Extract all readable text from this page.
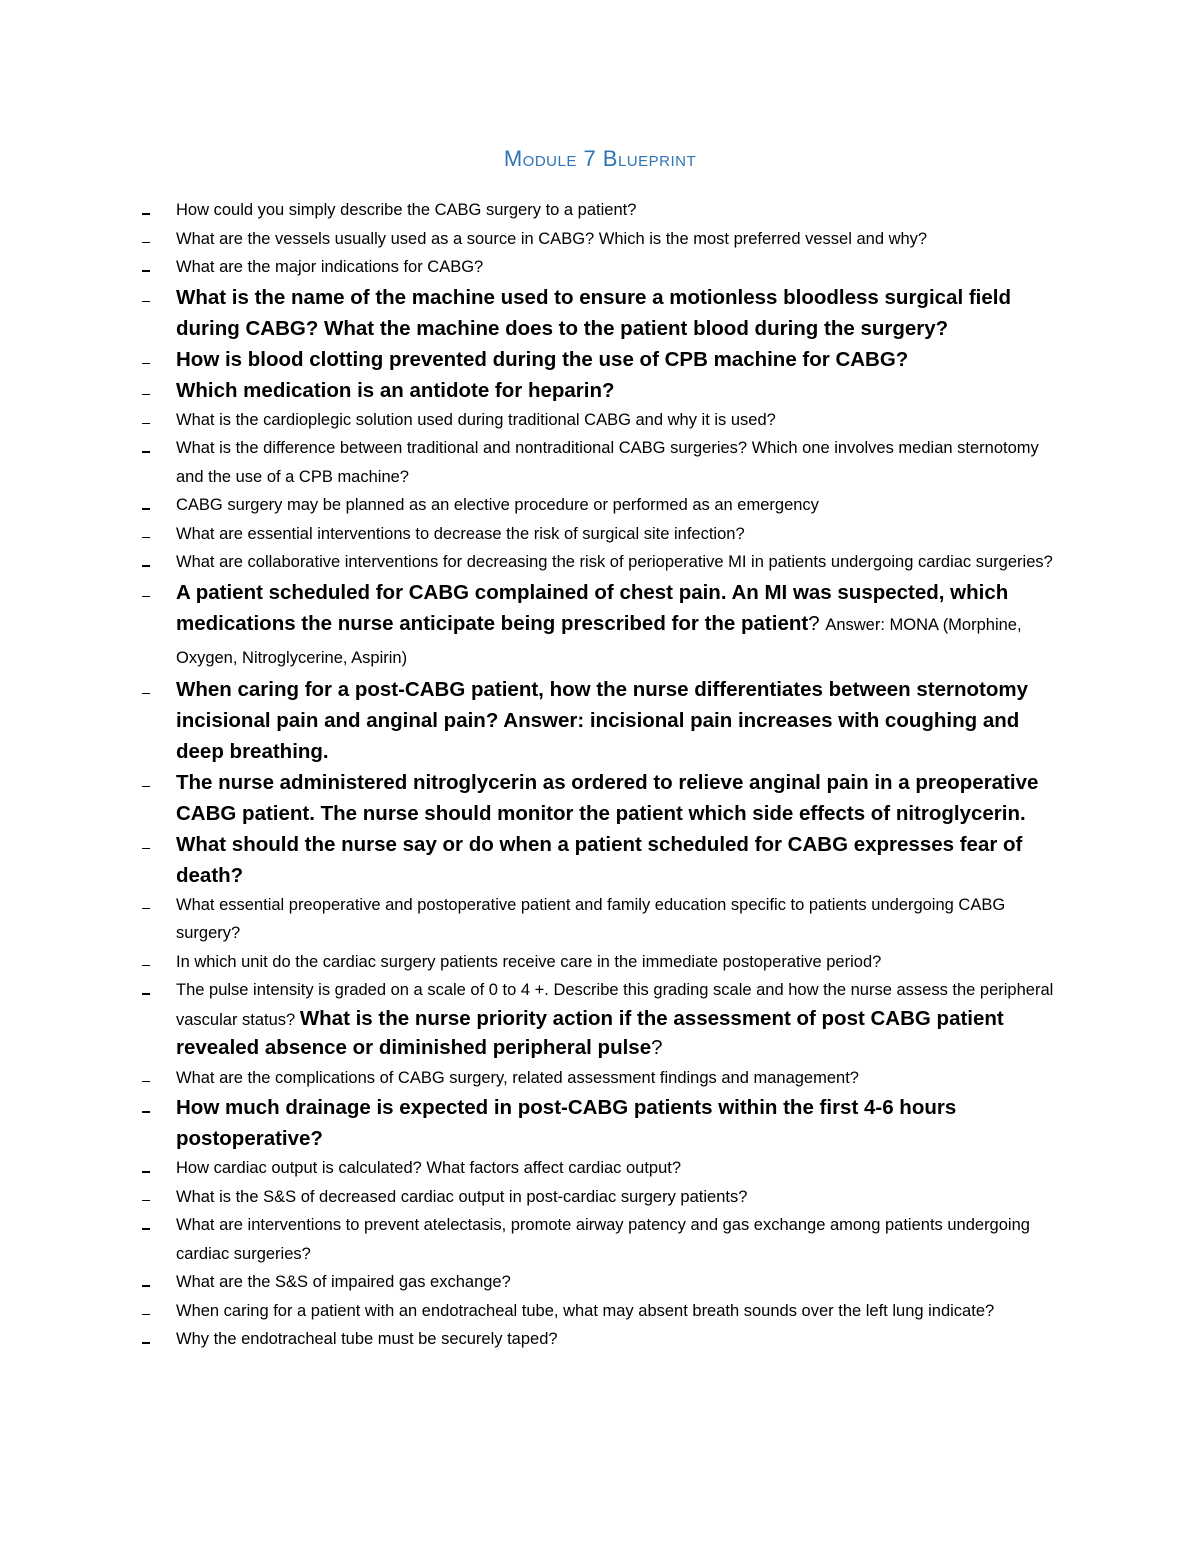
Module 7 Blueprint
How could you simply describe the CABG surgery to a patient?
What are the vessels usually used as a source in CABG? Which is the most preferred vessel and why?
What are the major indications for CABG?
What is the name of the machine used to ensure a motionless bloodless surgical field during CABG? What the machine does to the patient blood during the surgery?
How is blood clotting prevented during the use of CPB machine for CABG?
Which medication is an antidote for heparin?
What is the cardioplegic solution used during traditional CABG and why it is used?
What is the difference between traditional and nontraditional CABG surgeries? Which one involves median sternotomy and the use of a CPB machine?
CABG surgery may be planned as an elective procedure or performed as an emergency
What are essential interventions to decrease the risk of surgical site infection?
What are collaborative interventions for decreasing the risk of perioperative MI in patients undergoing cardiac surgeries?
A patient scheduled for CABG complained of chest pain. An MI was suspected, which medications the nurse anticipate being prescribed for the patient? Answer: MONA (Morphine, Oxygen, Nitroglycerine, Aspirin)
When caring for a post-CABG patient, how the nurse differentiates between sternotomy incisional pain and anginal pain? Answer: incisional pain increases with coughing and deep breathing.
The nurse administered nitroglycerin as ordered to relieve anginal pain in a preoperative CABG patient. The nurse should monitor the patient which side effects of nitroglycerin.
What should the nurse say or do when a patient scheduled for CABG expresses fear of death?
What essential preoperative and postoperative patient and family education specific to patients undergoing CABG surgery?
In which unit do the cardiac surgery patients receive care in the immediate postoperative period?
The pulse intensity is graded on a scale of 0 to 4 +. Describe this grading scale and how the nurse assess the peripheral vascular status? What is the nurse priority action if the assessment of post CABG patient revealed absence or diminished peripheral pulse?
What are the complications of CABG surgery, related assessment findings and management?
How much drainage is expected in post-CABG patients within the first 4-6 hours postoperative?
How cardiac output is calculated? What factors affect cardiac output?
What is the S&S of decreased cardiac output in post-cardiac surgery patients?
What are interventions to prevent atelectasis, promote airway patency and gas exchange among patients undergoing cardiac surgeries?
What are the S&S of impaired gas exchange?
When caring for a patient with an endotracheal tube, what may absent breath sounds over the left lung indicate?
Why the endotracheal tube must be securely taped?
